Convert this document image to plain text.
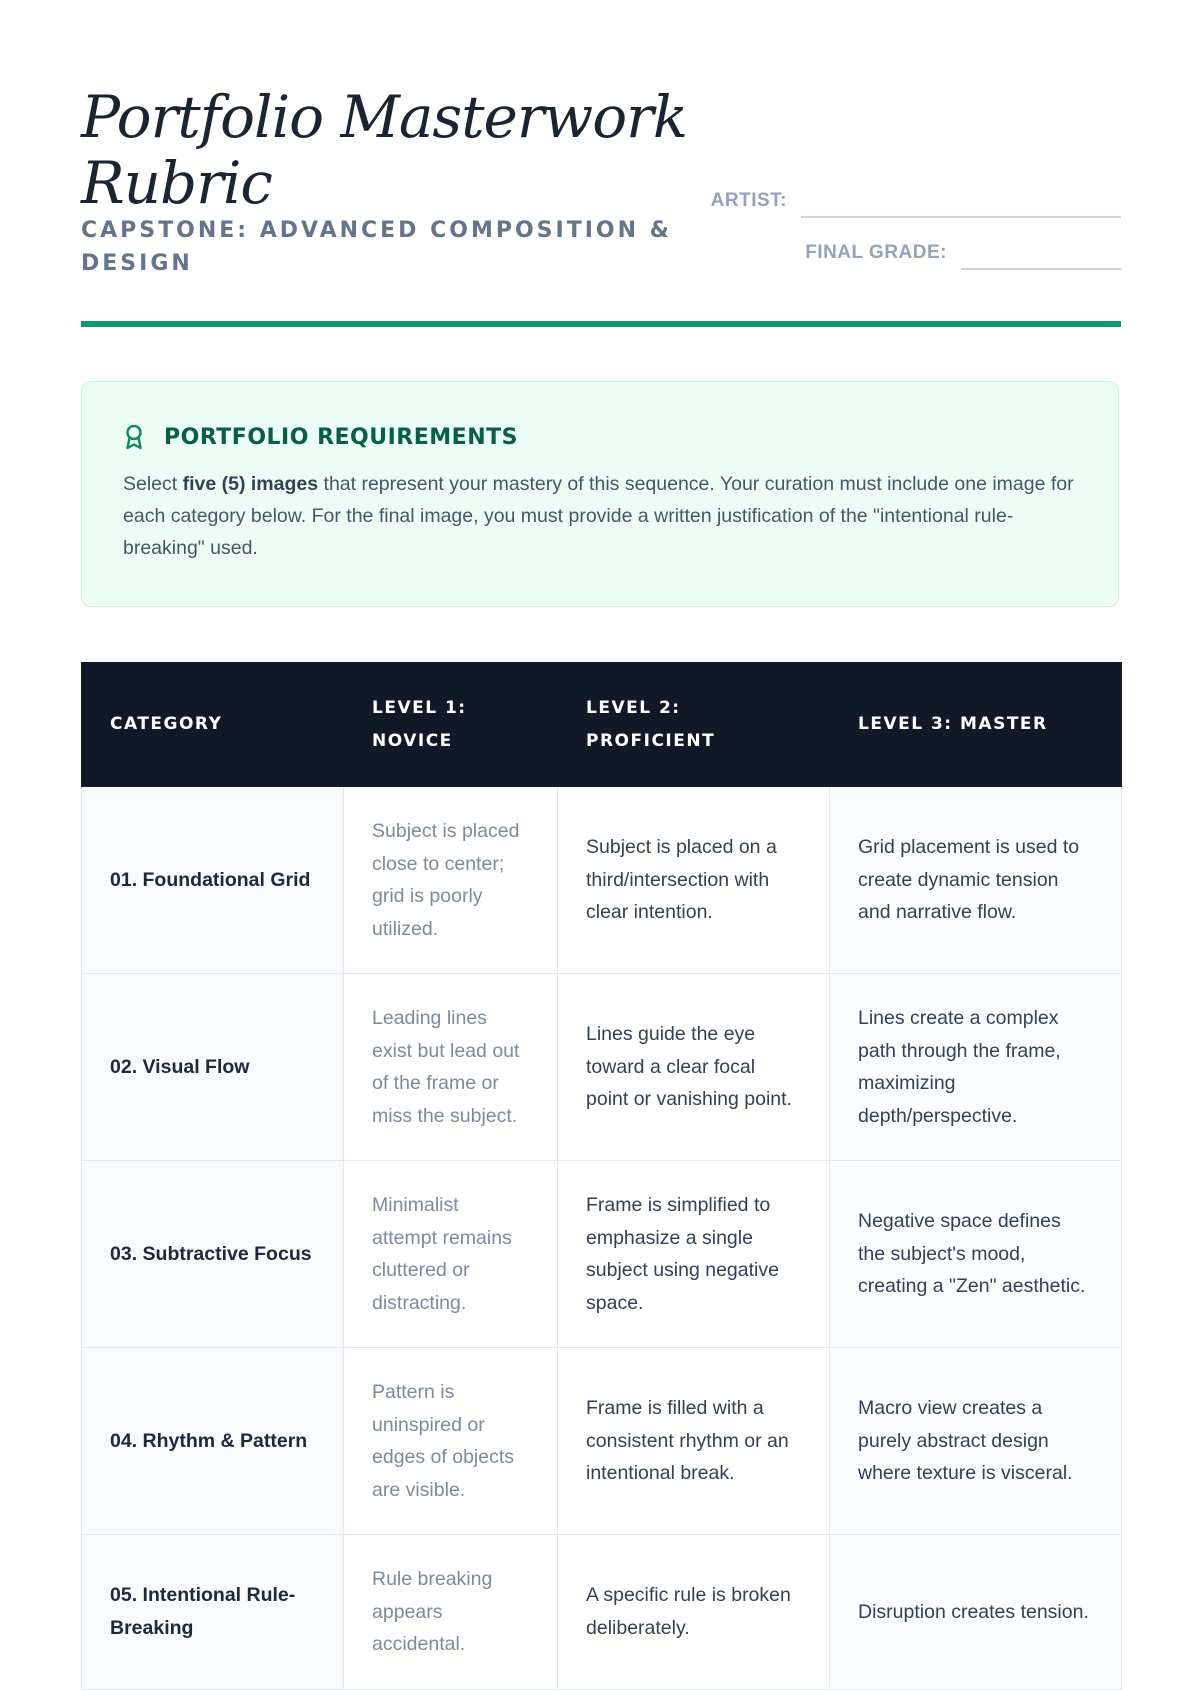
Portfolio Masterwork Rubric
CAPSTONE: ADVANCED COMPOSITION & DESIGN
ARTIST:
FINAL GRADE:
PORTFOLIO REQUIREMENTS

Select five (5) images that represent your mastery of this sequence. Your curation must include one image for each category below. For the final image, you must provide a written justification of the "intentional rule-breaking" used.

CATEGORY	LEVEL 1: NOVICE	LEVEL 2: PROFICIENT	LEVEL 3: MASTER
01. Foundational Grid	Subject is placed close to center; grid is poorly utilized.	Subject is placed on a third/intersection with clear intention.	Grid placement is used to create dynamic tension and narrative flow.
02. Visual Flow	Leading lines exist but lead out of the frame or miss the subject.	Lines guide the eye toward a clear focal point or vanishing point.	Lines create a complex path through the frame, maximizing depth/perspective.
03. Subtractive Focus	Minimalist attempt remains cluttered or distracting.	Frame is simplified to emphasize a single subject using negative space.	Negative space defines the subject's mood, creating a "Zen" aesthetic.
04. Rhythm & Pattern	Pattern is uninspired or edges of objects are visible.	Frame is filled with a consistent rhythm or an intentional break.	Macro view creates a purely abstract design where texture is visceral.
05. Intentional Rule-Breaking	Rule breaking appears accidental.	A specific rule is broken deliberately.	Disruption creates tension.
